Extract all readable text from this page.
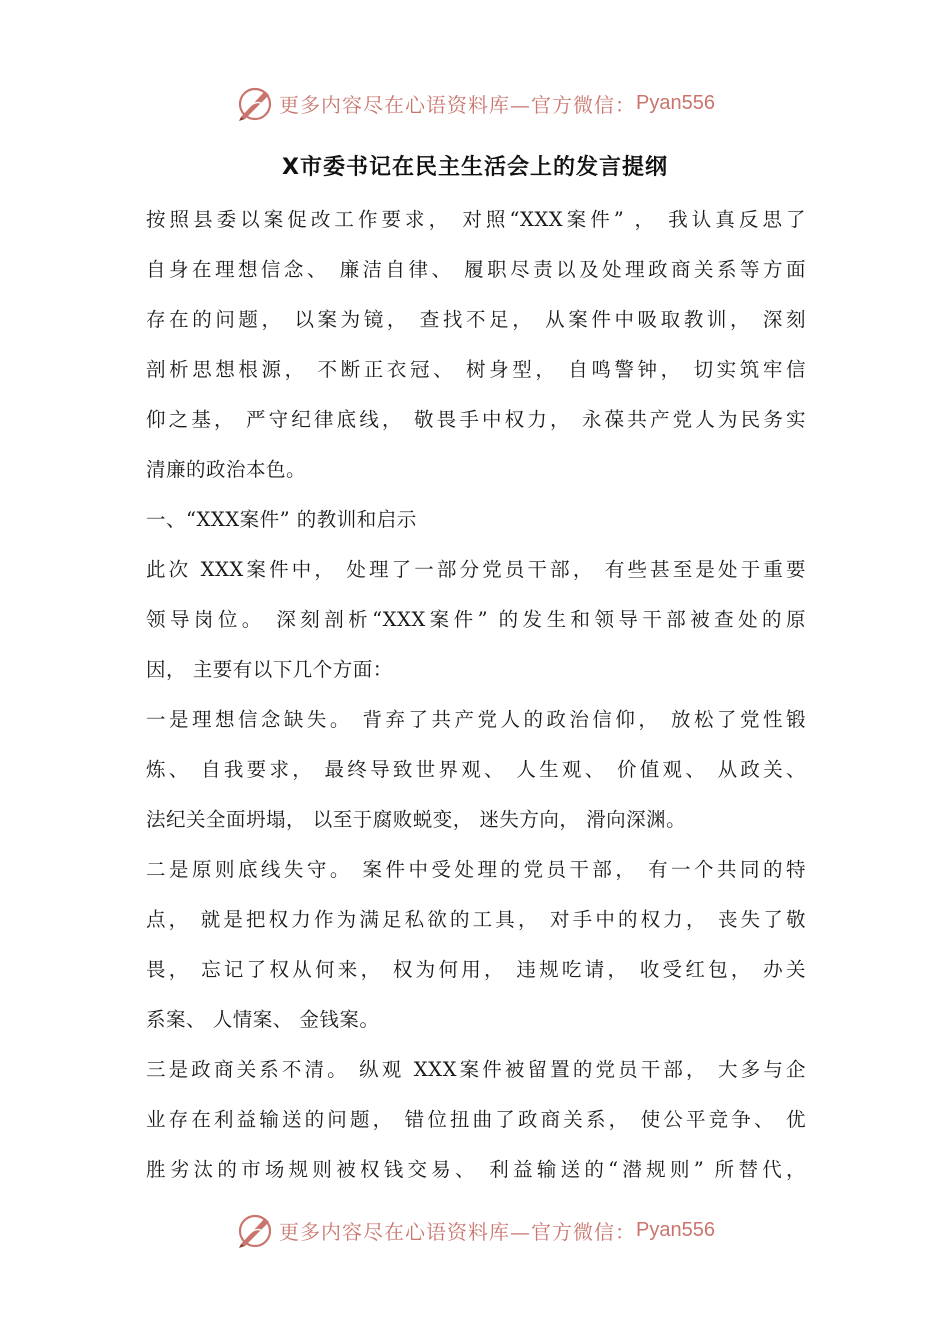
更多内容尽在心语资料库—官方微信： Pyan556
X市委书记在民主生活会上的发言提纲
按照县委以案促改工作要求， 对照“XXX案件” ， 我认真反思了
自身在理想信念、 廉洁自律、 履职尽责以及处理政商关系等方面
存在的问题， 以案为镜， 查找不足， 从案件中吸取教训， 深刻
剖析思想根源， 不断正衣冠、 树身型， 自鸣警钟， 切实筑牢信
仰之基， 严守纪律底线， 敬畏手中权力， 永葆共产党人为民务实
清廉的政治本色。
一、“XXX案件” 的教训和启示
此次 XXX案件中， 处理了一部分党员干部， 有些甚至是处于重要
领导岗位。 深刻剖析“XXX案件” 的发生和领导干部被查处的原
因， 主要有以下几个方面：
一是理想信念缺失。 背弃了共产党人的政治信仰， 放松了党性锻
炼、 自我要求， 最终导致世界观、 人生观、 价值观、 从政关、
法纪关全面坍塌， 以至于腐败蜕变， 迷失方向， 滑向深渊。
二是原则底线失守。 案件中受处理的党员干部， 有一个共同的特
点， 就是把权力作为满足私欲的工具， 对手中的权力， 丧失了敬
畏， 忘记了权从何来， 权为何用， 违规吃请， 收受红包， 办关
系案、 人情案、 金钱案。
三是政商关系不清。 纵观 XXX案件被留置的党员干部， 大多与企
业存在利益输送的问题， 错位扭曲了政商关系， 使公平竞争、 优
胜劣汰的市场规则被权钱交易、 利益输送的“潜规则” 所替代，
更多内容尽在心语资料库—官方微信： Pyan556
